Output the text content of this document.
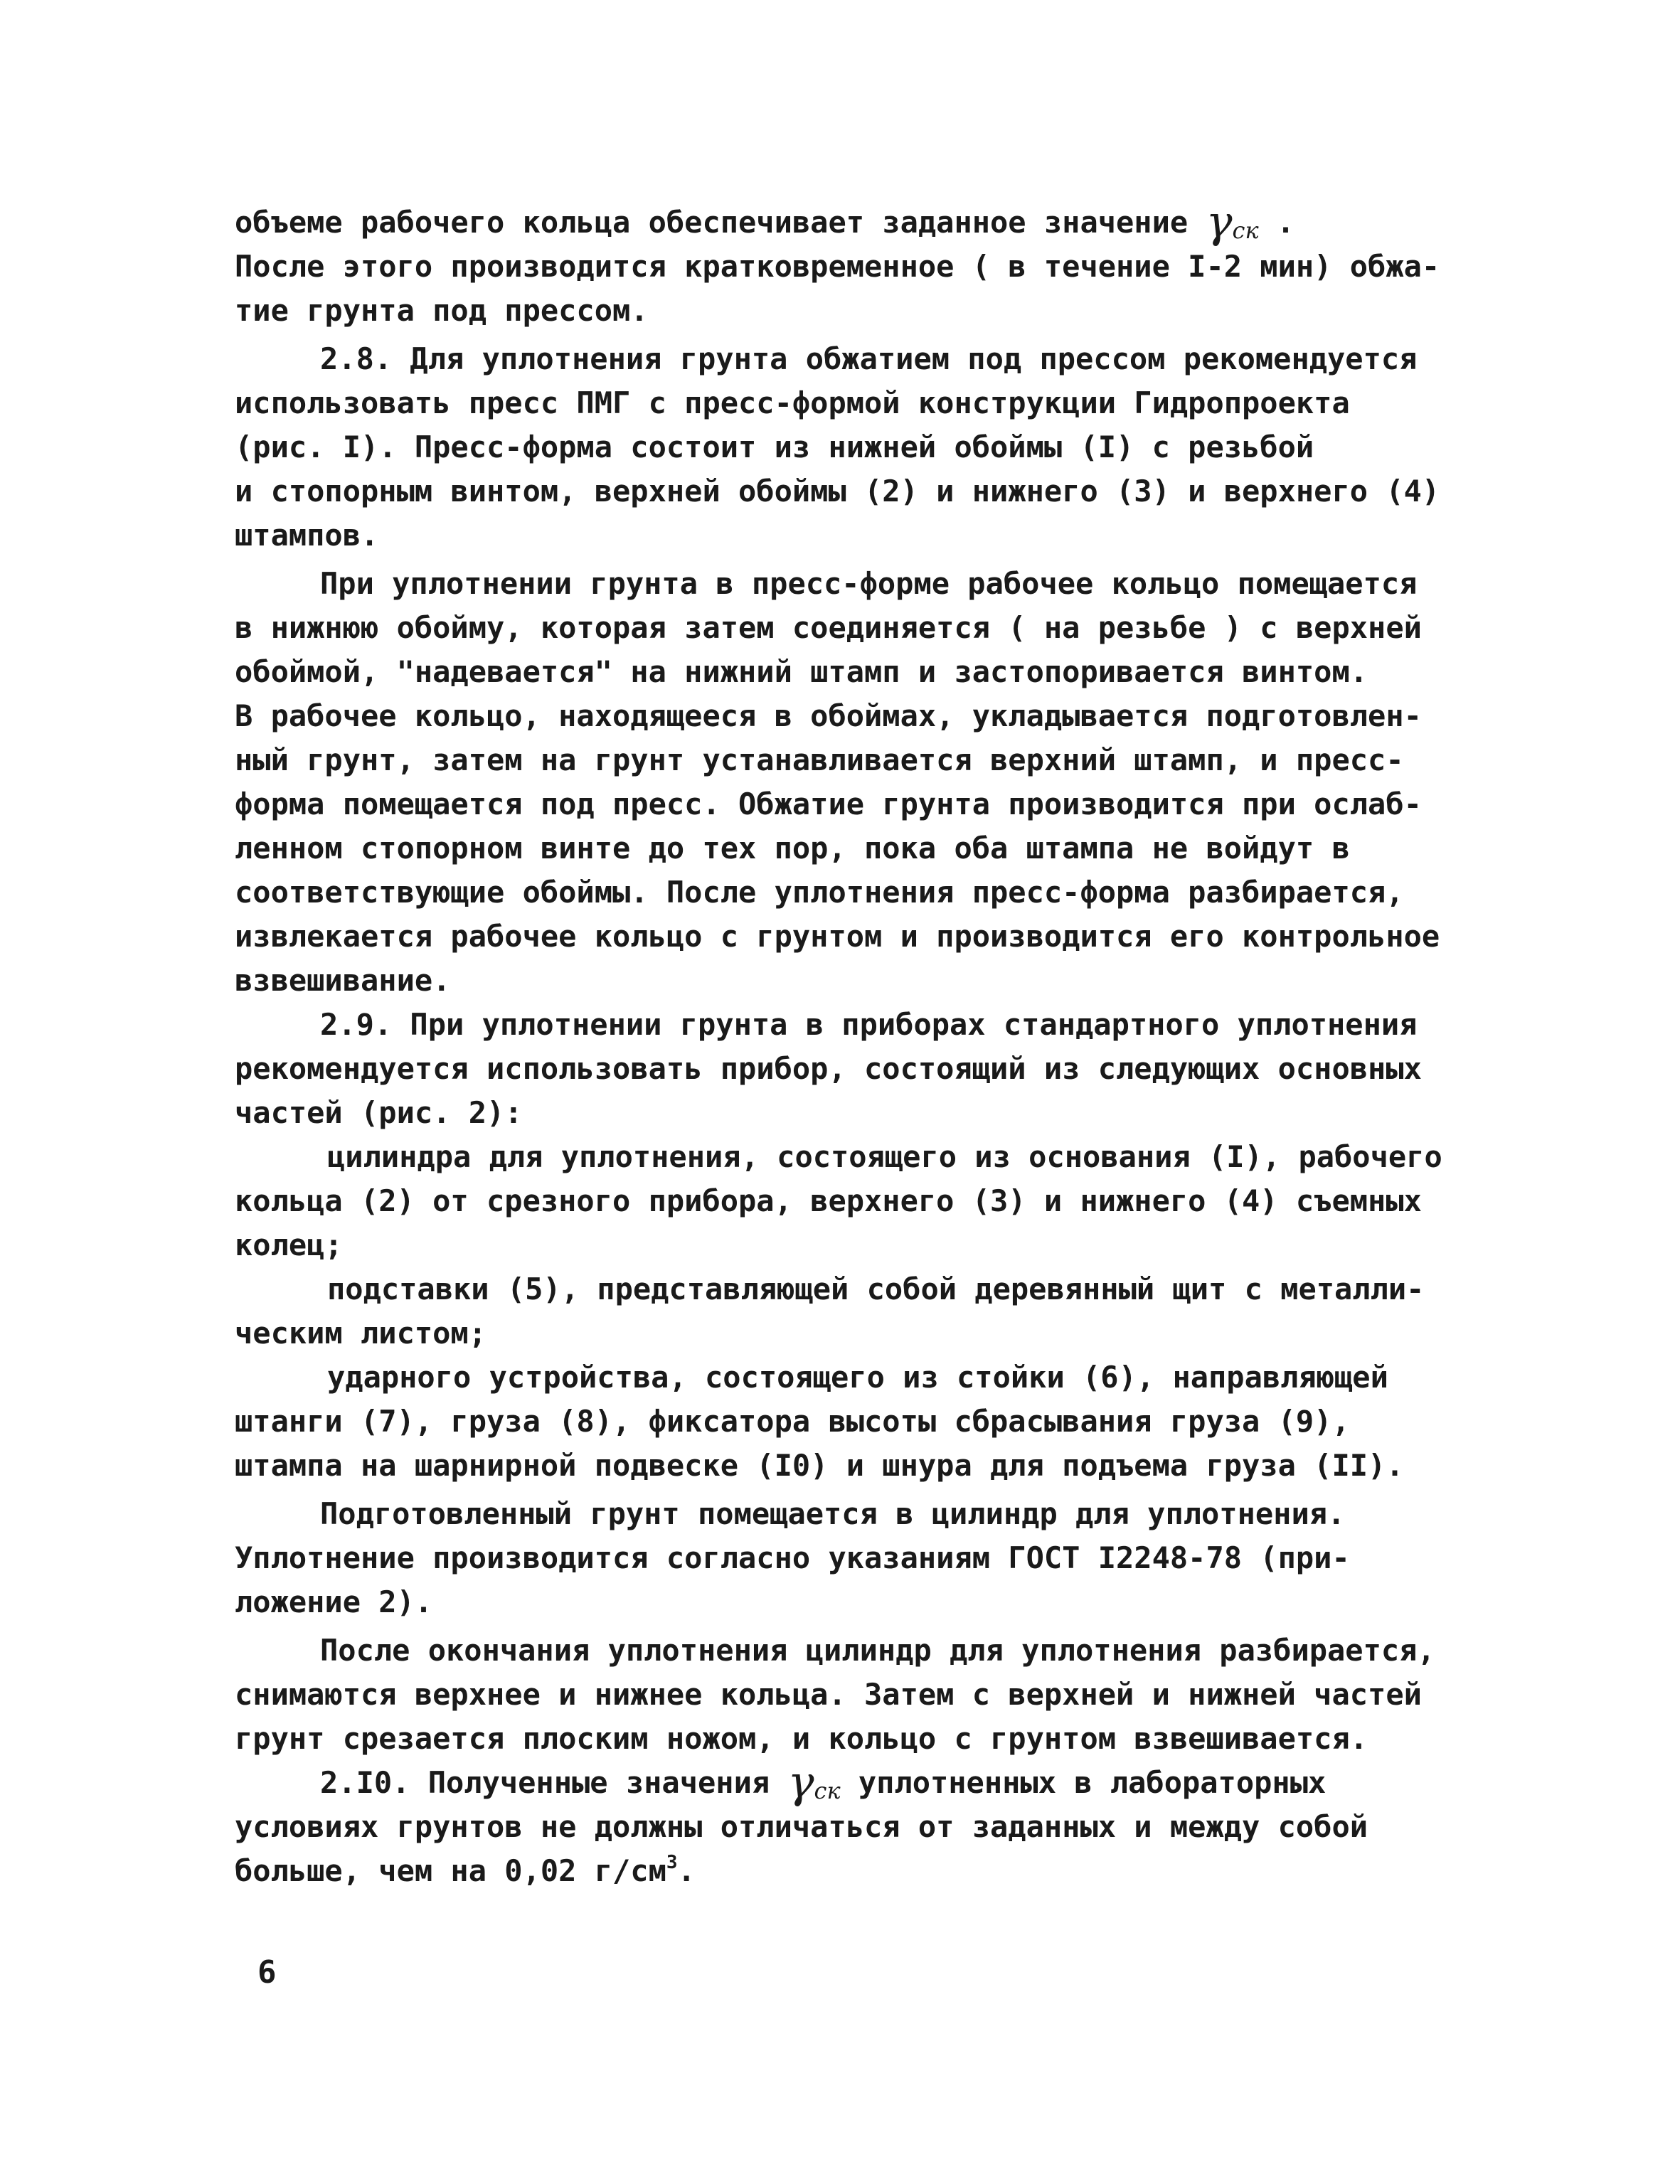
объеме рабочего кольца обеспечивает заданное значение $\gamma_{ск}$ .
После этого производится кратковременное ( в течение I-2 мин) обжа-
тие грунта под прессом.
2.8. Для уплотнения грунта обжатием под прессом рекомендуется
использовать пресс ПМГ с пресс-формой конструкции Гидропроекта
(рис. I). Пресс-форма состоит из нижней обоймы (I) с резьбой
и стопорным винтом, верхней обоймы (2) и нижнего (3) и верхнего (4)
штампов.
При уплотнении грунта в пресс-форме рабочее кольцо помещается
в нижнюю обойму, которая затем соединяется ( на резьбе ) с верхней
обоймой, "надевается" на нижний штамп и застопоривается винтом.
В рабочее кольцо, находящееся в обоймах, укладывается подготовлен-
ный грунт, затем на грунт устанавливается верхний штамп, и пресс-
форма помещается под пресс. Обжатие грунта производится при ослаб-
ленном стопорном винте до тех пор, пока оба штампа не войдут в
соответствующие обоймы. После уплотнения пресс-форма разбирается,
извлекается рабочее кольцо с грунтом и производится его контрольное
взвешивание.
2.9. При уплотнении грунта в приборах стандартного уплотнения
рекомендуется использовать прибор, состоящий из следующих основных
частей (рис. 2):
цилиндра для уплотнения, состоящего из основания (I), рабочего
кольца (2) от срезного прибора, верхнего (3) и нижнего (4) съемных
колец;
подставки (5), представляющей собой деревянный щит с металли-
ческим листом;
ударного устройства, состоящего из стойки (6), направляющей
штанги (7), груза (8), фиксатора высоты сбрасывания груза (9),
штампа на шарнирной подвеске (I0) и шнура для подъема груза (II).
Подготовленный грунт помещается в цилиндр для уплотнения.
Уплотнение производится согласно указаниям ГОСТ I2248-78 (при-
ложение 2).
После окончания уплотнения цилиндр для уплотнения разбирается,
снимаются верхнее и нижнее кольца. Затем с верхней и нижней частей
грунт срезается плоским ножом, и кольцо с грунтом взвешивается.
2.I0. Полученные значения $\gamma_{ск}$ уплотненных в лабораторных
условиях грунтов не должны отличаться от заданных и между собой
больше, чем на 0,02 $г/см^3$.
6
